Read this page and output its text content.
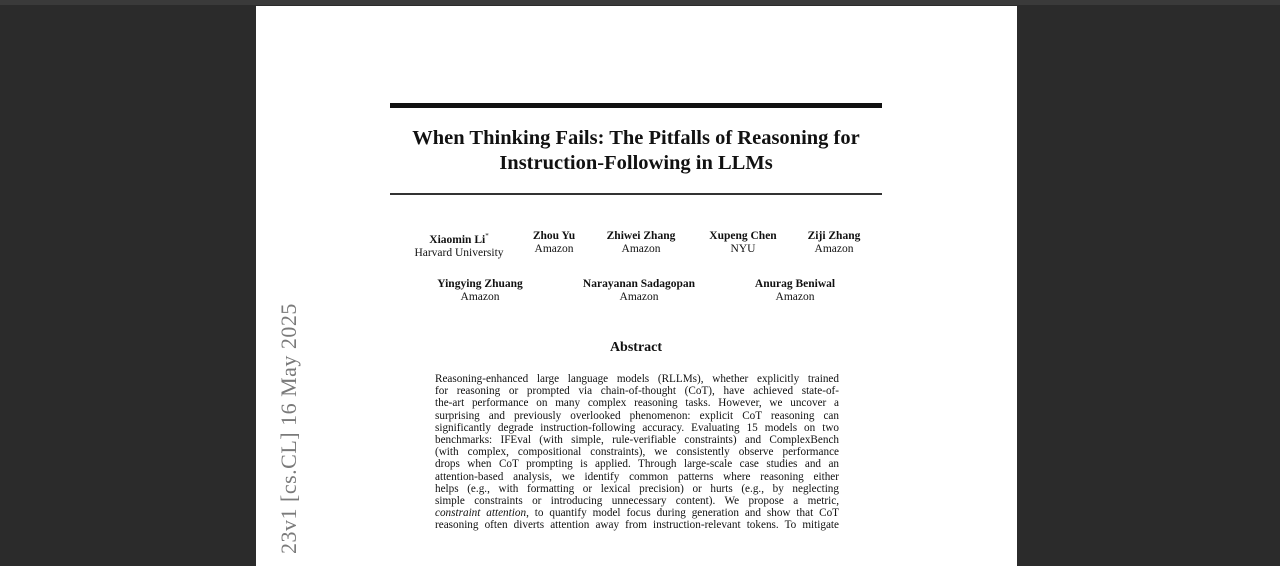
When Thinking Fails: The Pitfalls of Reasoning for
Instruction-Following in LLMs
Xiaomin Li*
Harvard University
Zhou Yu
Amazon
Zhiwei Zhang
Amazon
Xupeng Chen
NYU
Ziji Zhang
Amazon
Yingying Zhuang
Amazon
Narayanan Sadagopan
Amazon
Anurag Beniwal
Amazon
Abstract
Reasoning-enhanced large language models (RLLMs), whether explicitly trained
for reasoning or prompted via chain-of-thought (CoT), have achieved state-of-
the-art performance on many complex reasoning tasks. However, we uncover a
surprising and previously overlooked phenomenon: explicit CoT reasoning can
significantly degrade instruction-following accuracy. Evaluating 15 models on two
benchmarks: IFEval (with simple, rule-verifiable constraints) and ComplexBench
(with complex, compositional constraints), we consistently observe performance
drops when CoT prompting is applied. Through large-scale case studies and an
attention-based analysis, we identify common patterns where reasoning either
helps (e.g., with formatting or lexical precision) or hurts (e.g., by neglecting
simple constraints or introducing unnecessary content). We propose a metric,
constraint attention, to quantify model focus during generation and show that CoT
reasoning often diverts attention away from instruction-relevant tokens. To mitigate
23v1 [cs.CL] 16 May 2025
